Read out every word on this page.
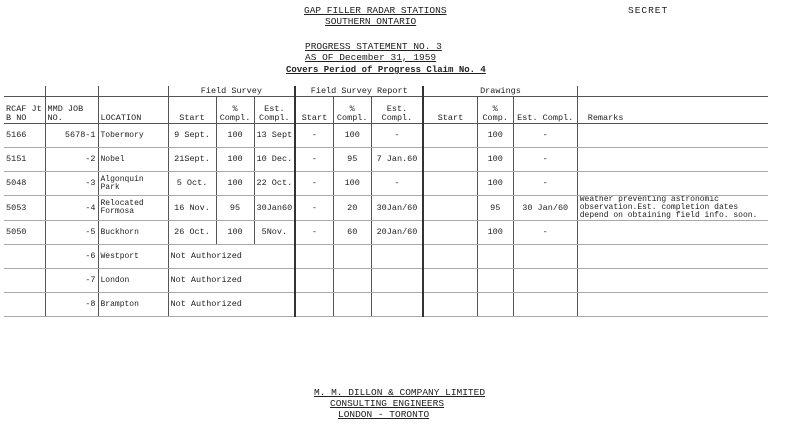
GAP FILLER RADAR STATIONS
SOUTHERN ONTARIO
SECRET
PROGRESS STATEMENT NO. 3
AS OF December 31, 1959
Covers Period of Progress Claim No. 4
			Field Survey			Field Survey Report			Drawings			
RCAF Jt B NO	MMD JOB NO.	LOCATION	Start	% Compl.	Est. Compl.	Start	% Compl.	Est. Compl.	Start	% Comp.	Est. Compl.	Remarks
5166	5678-1	Tobermory	9 Sept.	100	13 Sept	-	100	-		100	-	
5151	-2	Nobel	21Sept.	100	10 Dec.	-	95	7 Jan.60		100	-	
5048	-3	Algonquin Park	5 Oct.	100	22 Oct.	-	100	-		100	-	
5053	-4	Relocated Formosa	16 Nov.	95	30Jan60	-	20	30Jan/60		95	30 Jan/60	Weather preventing astronomic observation.Est. completion dates depend on obtaining field info. soon.
5050	-5	Buckhorn	26 Oct.	100	5Nov.	-	60	20Jan/60		100	-	
	-6	Westport	Not Authorized									
	-7	London	Not Authorized									
	-8	Brampton	Not Authorized									
M. M. DILLON & COMPANY LIMITED
CONSULTING ENGINEERS
LONDON - TORONTO
